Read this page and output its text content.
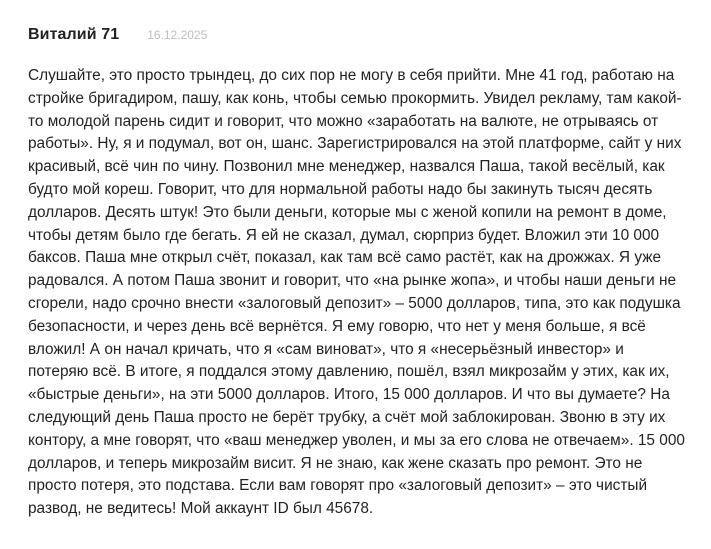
Виталий 71 16.12.2025

Слушайте, это просто трындец, до сих пор не могу в себя прийти. Мне 41 год, работаю на стройке бригадиром, пашу, как конь, чтобы семью прокормить. Увидел рекламу, там какой-то молодой парень сидит и говорит, что можно «заработать на валюте, не отрываясь от работы». Ну, я и подумал, вот он, шанс. Зарегистрировался на этой платформе, сайт у них красивый, всё чин по чину. Позвонил мне менеджер, назвался Паша, такой весёлый, как будто мой кореш. Говорит, что для нормальной работы надо бы закинуть тысяч десять долларов. Десять штук! Это были деньги, которые мы с женой копили на ремонт в доме, чтобы детям было где бегать. Я ей не сказал, думал, сюрприз будет. Вложил эти 10 000 баксов. Паша мне открыл счёт, показал, как там всё само растёт, как на дрожжах. Я уже радовался. А потом Паша звонит и говорит, что «на рынке жопа», и чтобы наши деньги не сгорели, надо срочно внести «залоговый депозит» – 5000 долларов, типа, это как подушка безопасности, и через день всё вернётся. Я ему говорю, что нет у меня больше, я всё вложил! А он начал кричать, что я «сам виноват», что я «несерьёзный инвестор» и потеряю всё. В итоге, я поддался этому давлению, пошёл, взял микрозайм у этих, как их, «быстрые деньги», на эти 5000 долларов. Итого, 15 000 долларов. И что вы думаете? На следующий день Паша просто не берёт трубку, а счёт мой заблокирован. Звоню в эту их контору, а мне говорят, что «ваш менеджер уволен, и мы за его слова не отвечаем». 15 000 долларов, и теперь микрозайм висит. Я не знаю, как жене сказать про ремонт. Это не просто потеря, это подстава. Если вам говорят про «залоговый депозит» – это чистый развод, не ведитесь! Мой аккаунт ID был 45678.
